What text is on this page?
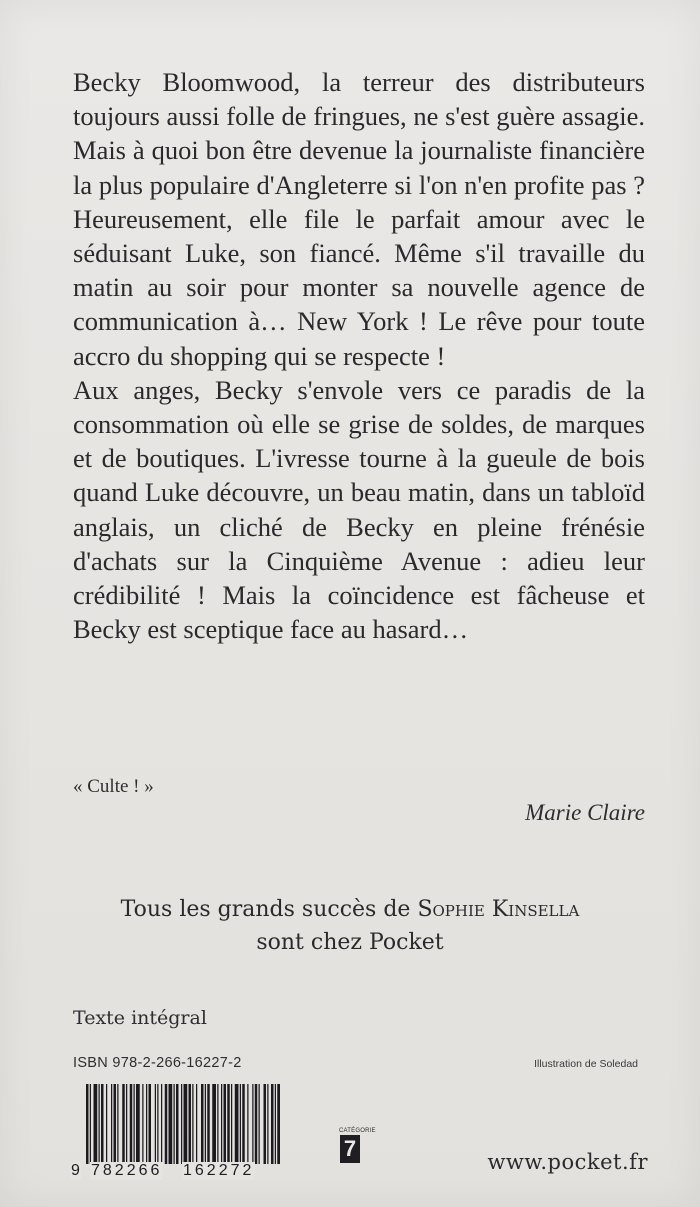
Becky Bloomwood, la terreur des distributeurs toujours aussi folle de fringues, ne s'est guère assagie. Mais à quoi bon être devenue la journaliste financière la plus populaire d'Angleterre si l'on n'en profite pas ? Heureusement, elle file le parfait amour avec le séduisant Luke, son fiancé. Même s'il travaille du matin au soir pour monter sa nouvelle agence de communication à… New York ! Le rêve pour toute accro du shopping qui se respecte !

Aux anges, Becky s'envole vers ce paradis de la consommation où elle se grise de soldes, de marques et de boutiques. L'ivresse tourne à la gueule de bois quand Luke découvre, un beau matin, dans un tabloïd anglais, un cliché de Becky en pleine frénésie d'achats sur la Cinquième Avenue : adieu leur crédibilité ! Mais la coïncidence est fâcheuse et Becky est sceptique face au hasard…

« Culte ! »
Marie Claire
Tous les grands succès de Sophie Kinsella
sont chez Pocket
Texte intégral
ISBN 978-2-266-16227-2	Illustration de Soledad
9 782266 162272
CATÉGORIE
7
www.pocket.fr
